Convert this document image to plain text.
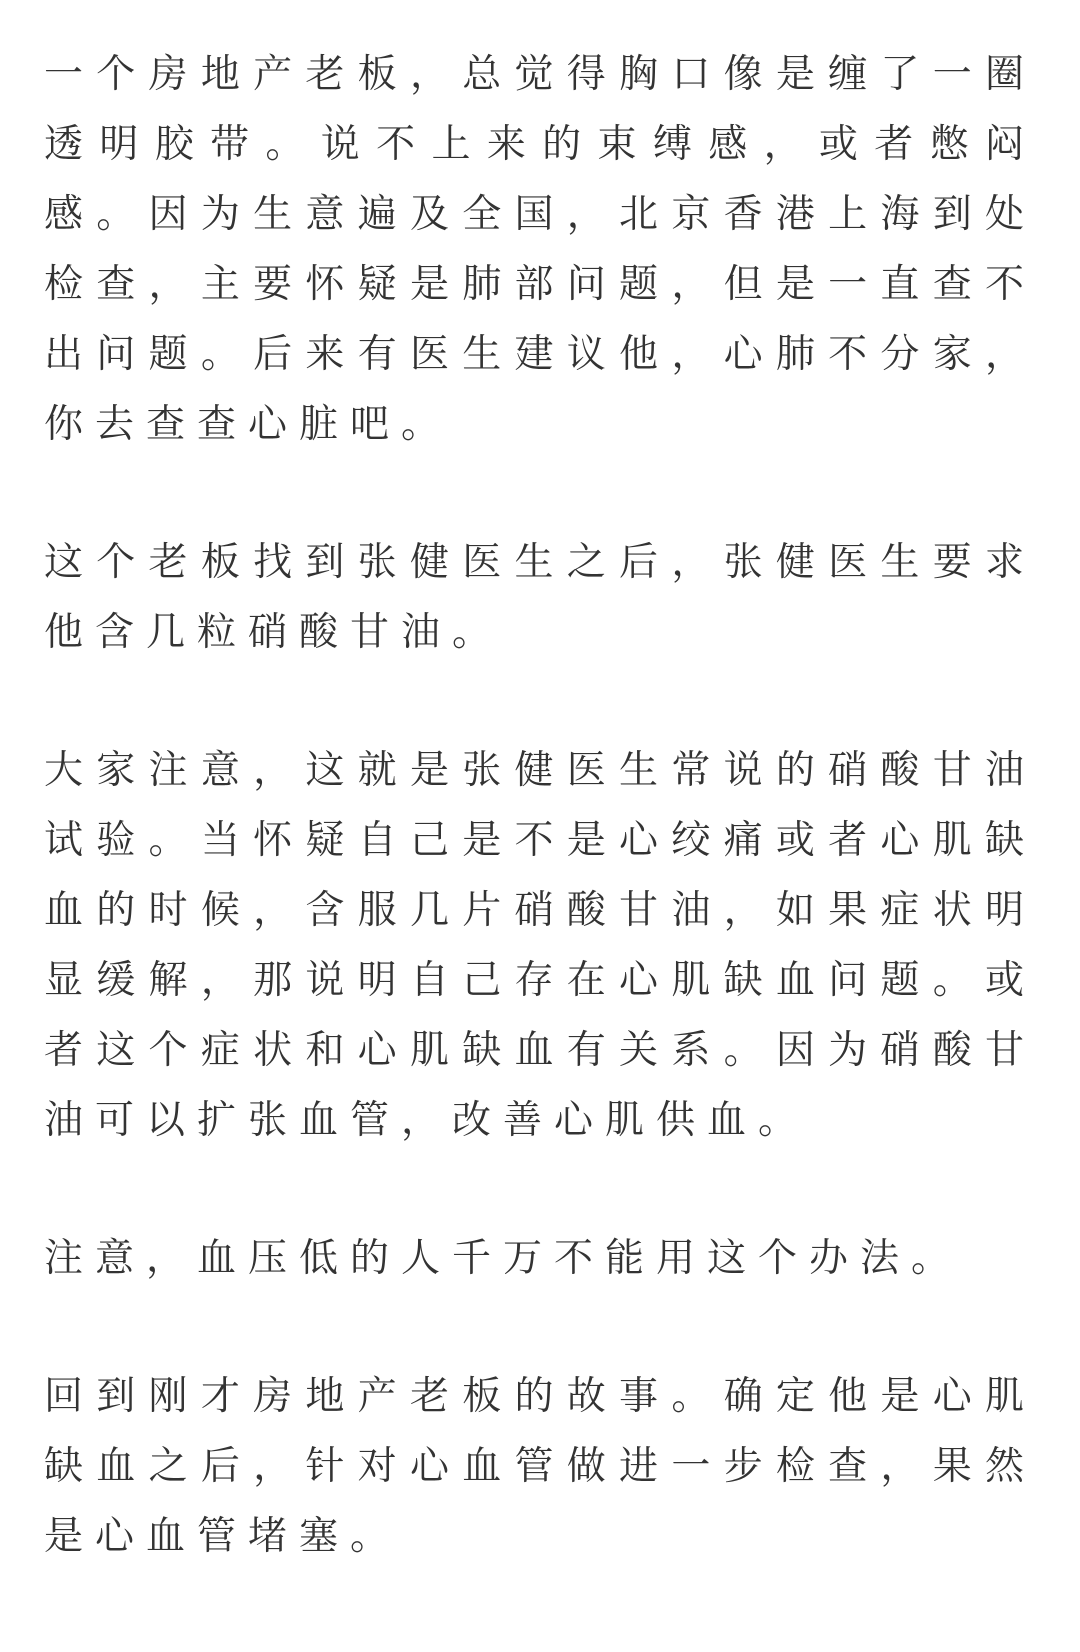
一个房地产老板，总觉得胸口像是缠了一圈透明胶带。说不上来的束缚感，或者憋闷感。因为生意遍及全国，北京香港上海到处检查，主要怀疑是肺部问题，但是一直查不出问题。后来有医生建议他，心肺不分家，你去查查心脏吧。

这个老板找到张健医生之后，张健医生要求他含几粒硝酸甘油。

大家注意，这就是张健医生常说的硝酸甘油试验。当怀疑自己是不是心绞痛或者心肌缺血的时候，含服几片硝酸甘油，如果症状明显缓解，那说明自己存在心肌缺血问题。或者这个症状和心肌缺血有关系。因为硝酸甘油可以扩张血管，改善心肌供血。

注意，血压低的人千万不能用这个办法。

回到刚才房地产老板的故事。确定他是心肌缺血之后，针对心血管做进一步检查，果然是心血管堵塞。
